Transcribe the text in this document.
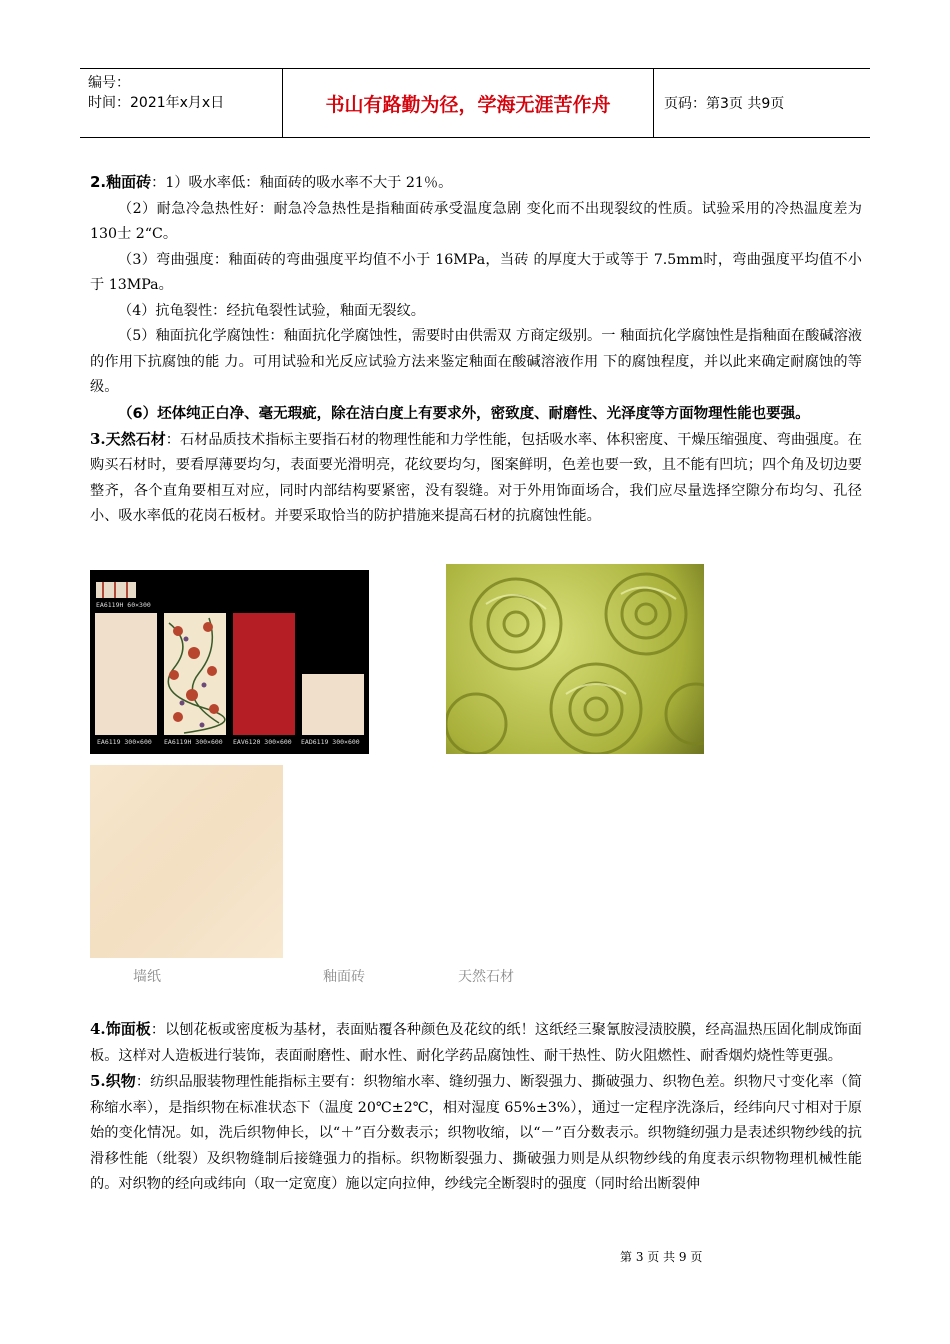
编号：
时间：2021年x月x日	书山有路勤为径，学海无涯苦作舟	页码：第3页 共9页

2.釉面砖：1）吸水率低：釉面砖的吸水率不大于 21％。

（2）耐急冷急热性好：耐急冷急热性是指釉面砖承受温度急剧 变化而不出现裂纹的性质。试验采用的冷热温度差为 130士 2“C。

（3）弯曲强度：釉面砖的弯曲强度平均值不小于 16MPa，当砖 的厚度大于或等于 7.5mm时，弯曲强度平均值不小于 13MPa。

（4）抗龟裂性：经抗龟裂性试验，釉面无裂纹。

（5）釉面抗化学腐蚀性：釉面抗化学腐蚀性，需要时由供需双 方商定级别。一 釉面抗化学腐蚀性是指釉面在酸碱溶液的作用下抗腐蚀的能 力。可用试验和光反应试验方法来鉴定釉面在酸碱溶液作用 下的腐蚀程度，并以此来确定耐腐蚀的等级。

（6）坯体纯正白净、毫无瑕疵，除在洁白度上有要求外，密致度、耐磨性、光泽度等方面物理性能也要强。

3.天然石材：石材品质技术指标主要指石材的物理性能和力学性能，包括吸水率、体积密度、干燥压缩强度、弯曲强度。在购买石材时，要看厚薄要均匀，表面要光滑明亮，花纹要均匀，图案鲜明，色差也要一致，且不能有凹坑；四个角及切边要整齐，各个直角要相互对应，同时内部结构要紧密，没有裂缝。对于外用饰面场合，我们应尽量选择空隙分布均匀、孔径小、吸水率低的花岗石板材。并要采取恰当的防护措施来提高石材的抗腐蚀性能。

EA6119H 60×300
EA6119 300×600 EA6119H 300×600 EAV6120 300×600 EAD6119 300×600
墙纸	釉面砖	天然石材

4.饰面板：以刨花板或密度板为基材，表面贴覆各种颜色及花纹的纸！这纸经三聚氰胺浸渍胶膜，经高温热压固化制成饰面板。这样对人造板进行装饰，表面耐磨性、耐水性、耐化学药品腐蚀性、耐干热性、防火阻燃性、耐香烟灼烧性等更强。

5.织物：纺织品服装物理性能指标主要有：织物缩水率、缝纫强力、断裂强力、撕破强力、织物色差。织物尺寸变化率（简称缩水率），是指织物在标准状态下（温度 20℃±2℃，相对湿度 65%±3%），通过一定程序洗涤后，经纬向尺寸相对于原始的变化情况。如，洗后织物伸长，以“＋”百分数表示；织物收缩，以“－”百分数表示。织物缝纫强力是表述织物纱线的抗滑移性能（纰裂）及织物缝制后接缝强力的指标。织物断裂强力、撕破强力则是从织物纱线的角度表示织物物理机械性能的。对织物的经向或纬向（取一定宽度）施以定向拉伸，纱线完全断裂时的强度（同时给出断裂伸

第 3 页 共 9 页
